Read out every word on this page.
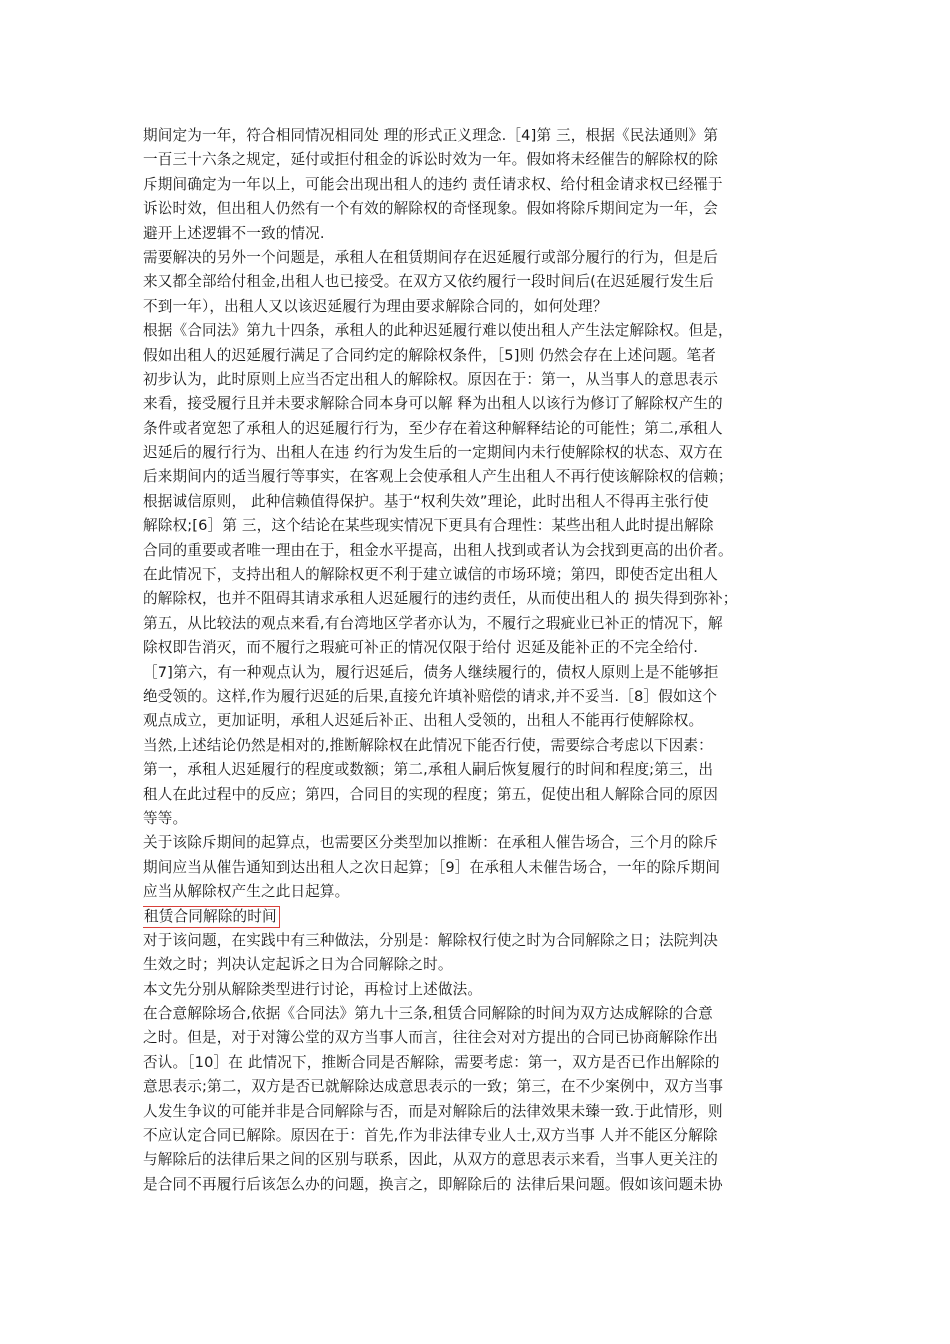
期间定为一年，符合相同情况相同处 理的形式正义理念.［4]第 三，根据《民法通则》第
一百三十六条之规定，延付或拒付租金的诉讼时效为一年。假如将未经催告的解除权的除
斥期间确定为一年以上，可能会出现出租人的违约 责任请求权、给付租金请求权已经罹于
诉讼时效，但出租人仍然有一个有效的解除权的奇怪现象。假如将除斥期间定为一年，会
避开上述逻辑不一致的情况.
需要解决的另外一个问题是，承租人在租赁期间存在迟延履行或部分履行的行为，但是后
来又都全部给付租金,出租人也已接受。在双方又依约履行一段时间后(在迟延履行发生后
不到一年），出租人又以该迟延履行为理由要求解除合同的，如何处理？
根据《合同法》第九十四条，承租人的此种迟延履行难以使出租人产生法定解除权。但是，
假如出租人的迟延履行满足了合同约定的解除权条件，［5]则 仍然会存在上述问题。笔者
初步认为，此时原则上应当否定出租人的解除权。原因在于：第一，从当事人的意思表示
来看，接受履行且并未要求解除合同本身可以解 释为出租人以该行为修订了解除权产生的
条件或者宽恕了承租人的迟延履行行为，至少存在着这种解释结论的可能性；第二,承租人
迟延后的履行行为、出租人在违 约行为发生后的一定期间内未行使解除权的状态、双方在
后来期间内的适当履行等事实，在客观上会使承租人产生出租人不再行使该解除权的信赖；
根据诚信原则， 此种信赖值得保护。基于“权利失效”理论，此时出租人不得再主张行使
解除权;[6］第 三，这个结论在某些现实情况下更具有合理性：某些出租人此时提出解除
合同的重要或者唯一理由在于，租金水平提高，出租人找到或者认为会找到更高的出价者。
在此情况下，支持出租人的解除权更不利于建立诚信的市场环境；第四，即使否定出租人
的解除权，也并不阻碍其请求承租人迟延履行的违约责任，从而使出租人的 损失得到弥补；
第五，从比较法的观点来看,有台湾地区学者亦认为，不履行之瑕疵业已补正的情况下，解
除权即告消灭，而不履行之瑕疵可补正的情况仅限于给付 迟延及能补正的不完全给付.
［7]第六，有一种观点认为，履行迟延后，债务人继续履行的，债权人原则上是不能够拒
绝受领的。这样,作为履行迟延的后果,直接允许填补赔偿的请求,并不妥当.［8］假如这个
观点成立，更加证明，承租人迟延后补正、出租人受领的，出租人不能再行使解除权。
当然,上述结论仍然是相对的,推断解除权在此情况下能否行使，需要综合考虑以下因素：
第一，承租人迟延履行的程度或数额；第二,承租人嗣后恢复履行的时间和程度;第三，出
租人在此过程中的反应；第四，合同目的实现的程度；第五，促使出租人解除合同的原因
等等。
关于该除斥期间的起算点，也需要区分类型加以推断：在承租人催告场合，三个月的除斥
期间应当从催告通知到达出租人之次日起算；［9］在承租人未催告场合，一年的除斥期间
应当从解除权产生之此日起算。
租赁合同解除的时间
对于该问题，在实践中有三种做法，分别是：解除权行使之时为合同解除之日；法院判决
生效之时；判决认定起诉之日为合同解除之时。
本文先分别从解除类型进行讨论，再检讨上述做法。
在合意解除场合,依据《合同法》第九十三条,租赁合同解除的时间为双方达成解除的合意
之时。但是，对于对簿公堂的双方当事人而言，往往会对对方提出的合同已协商解除作出
否认。［10］在 此情况下，推断合同是否解除，需要考虑：第一，双方是否已作出解除的
意思表示;第二，双方是否已就解除达成意思表示的一致；第三，在不少案例中，双方当事
人发生争议的可能并非是合同解除与否，而是对解除后的法律效果未臻一致.于此情形，则
不应认定合同已解除。原因在于：首先,作为非法律专业人士,双方当事 人并不能区分解除
与解除后的法律后果之间的区别与联系，因此，从双方的意思表示来看，当事人更关注的
是合同不再履行后该怎么办的问题，换言之，即解除后的 法律后果问题。假如该问题未协
